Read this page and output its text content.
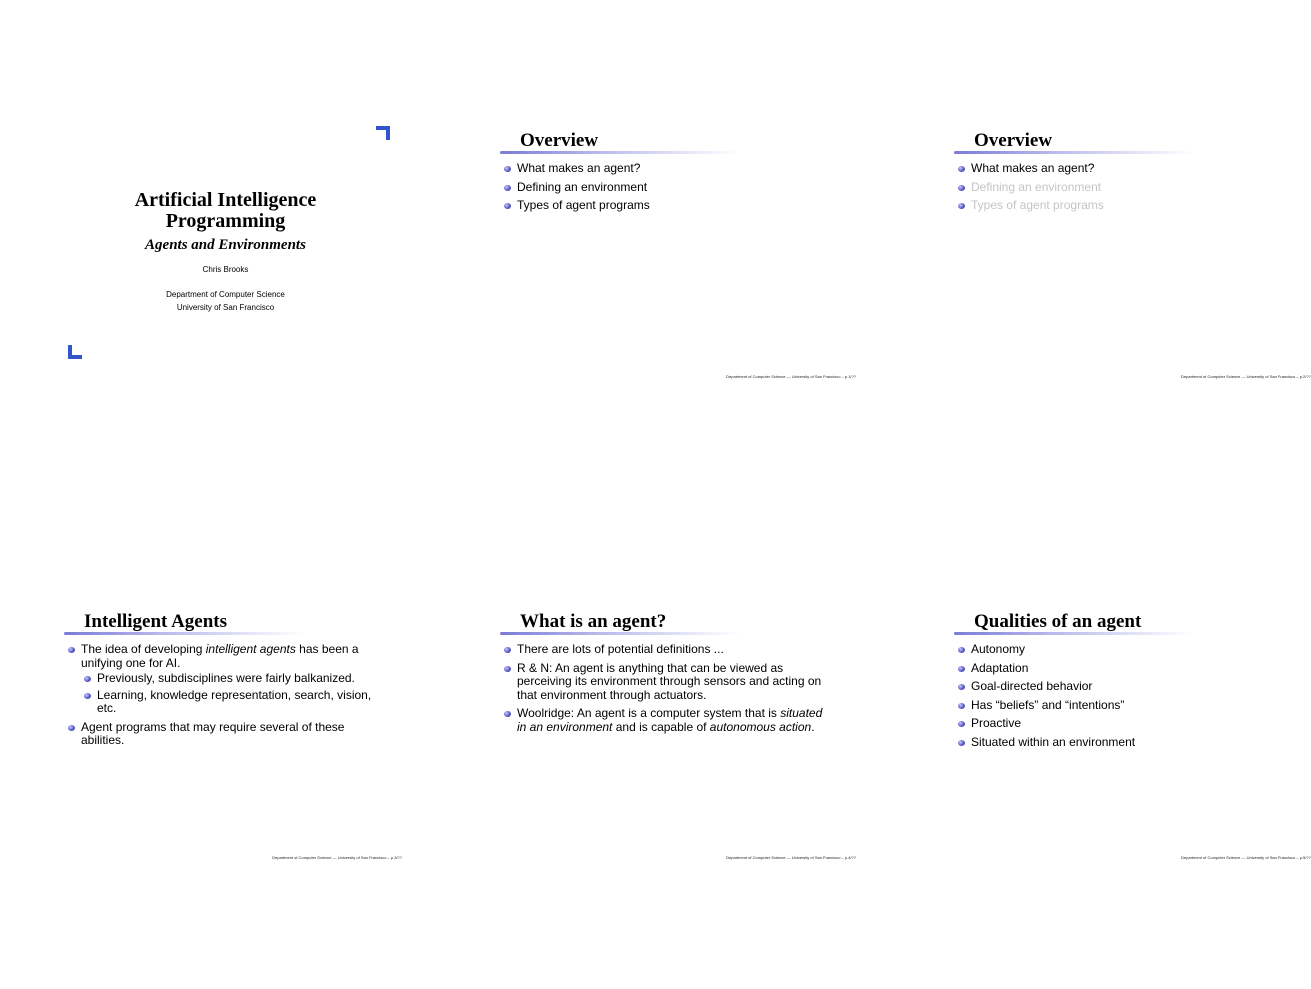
Artificial Intelligence
Programming
Agents and Environments
Chris Brooks
Department of Computer Science
University of San Francisco
Overview
What makes an agent?
Defining an environment
Types of agent programs
Department of Computer Science — University of San Francisco – p.1/??
Overview
What makes an agent?
Defining an environment
Types of agent programs
Department of Computer Science — University of San Francisco – p.2/??
Intelligent Agents
The idea of developing intelligent agents has been a unifying one for AI.
Previously, subdisciplines were fairly balkanized.
Learning, knowledge representation, search, vision, etc.
Agent programs that may require several of these abilities.
Department of Computer Science — University of San Francisco – p.3/??
What is an agent?
There are lots of potential definitions ...
R & N: An agent is anything that can be viewed as perceiving its environment through sensors and acting on that environment through actuators.
Woolridge: An agent is a computer system that is situated in an environment and is capable of autonomous action.
Department of Computer Science — University of San Francisco – p.4/??
Qualities of an agent
Autonomy
Adaptation
Goal-directed behavior
Has “beliefs” and “intentions”
Proactive
Situated within an environment
Department of Computer Science — University of San Francisco – p.5/??
